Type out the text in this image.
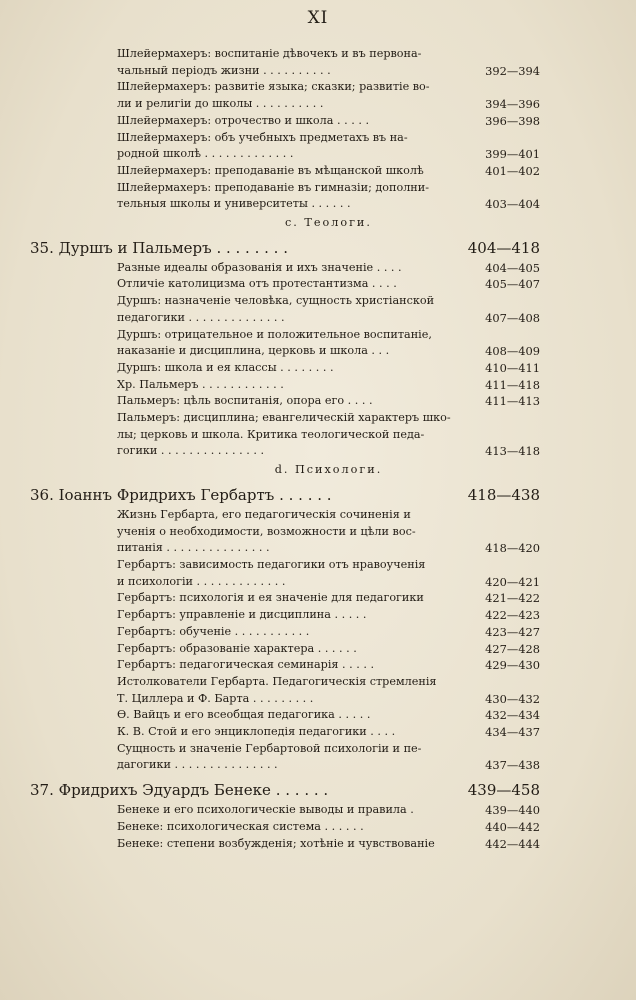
XI
Шлейермахеръ: воспитаніе дѣвочекъ и въ первона-
чальный періодъ жизни . . . . . . . . . .	392—394
Шлейермахеръ: развитіе языка; сказки; развитіе во-
ли и религіи до школы . . . . . . . . . .	394—396
Шлейермахеръ: отрочество и школа . . . . .	396—398
Шлейермахеръ: объ учебныхъ предметахъ въ на-
родной школѣ . . . . . . . . . . . . .	399—401
Шлейермахеръ: преподаваніе въ мѣщанской школѣ	401—402
Шлейермахеръ: преподаваніе въ гимназіи; дополни-
тельныя школы и университеты . . . . . .	403—404
с. Теологи.
35. Дуршъ и Пальмеръ . . . . . . . .	404—418
Разные идеалы образованія и ихъ значеніе . . . .	404—405
Отличіе католицизма отъ протестантизма . . . .	405—407
Дуршъ: назначеніе человѣка, сущность христіанской
педагогики . . . . . . . . . . . . . .	407—408
Дуршъ: отрицательное и положительное воспитаніе,
наказаніе и дисциплина, церковь и школа . . .	408—409
Дуршъ: школа и ея классы . . . . . . . .	410—411
Хр. Пальмеръ . . . . . . . . . . . .	411—418
Пальмеръ: цѣль воспитанія, опора его . . . .	411—413
Пальмеръ: дисциплина; евангелическій характеръ шко-
лы; церковь и школа. Критика теологической педа-
гогики . . . . . . . . . . . . . . .	413—418
d. Психологи.
36. Іоаннъ Фридрихъ Гербартъ . . . . . .	418—438
Жизнь Гербарта, его педагогическія сочиненія и
ученія о необходимости, возможности и цѣли вос-
питанія . . . . . . . . . . . . . . .	418—420
Гербартъ: зависимость педагогики отъ нравоученія
и психологіи . . . . . . . . . . . . .	420—421
Гербартъ: психологія и ея значеніе для педагогики	421—422
Гербартъ: управленіе и дисциплина . . . . .	422—423
Гербартъ: обученіе . . . . . . . . . . .	423—427
Гербартъ: образованіе характера . . . . . .	427—428
Гербартъ: педагогическая семинарія . . . . .	429—430
Истолкователи Гербарта. Педагогическія стремленія
Т. Циллера и Ф. Барта . . . . . . . . .	430—432
Ѳ. Вайцъ и его всеобщая педагогика . . . . .	432—434
К. В. Стой и его энциклопедія педагогики . . . .	434—437
Сущность и значеніе Гербартовой психологіи и пе-
дагогики . . . . . . . . . . . . . . .	437—438
37. Фридрихъ Эдуардъ Бенеке . . . . . .	439—458
Бенеке и его психологическіе выводы и правила .	439—440
Бенеке: психологическая система . . . . . .	440—442
Бенеке: степени возбужденія; хотѣніе и чувствованіе	442—444
